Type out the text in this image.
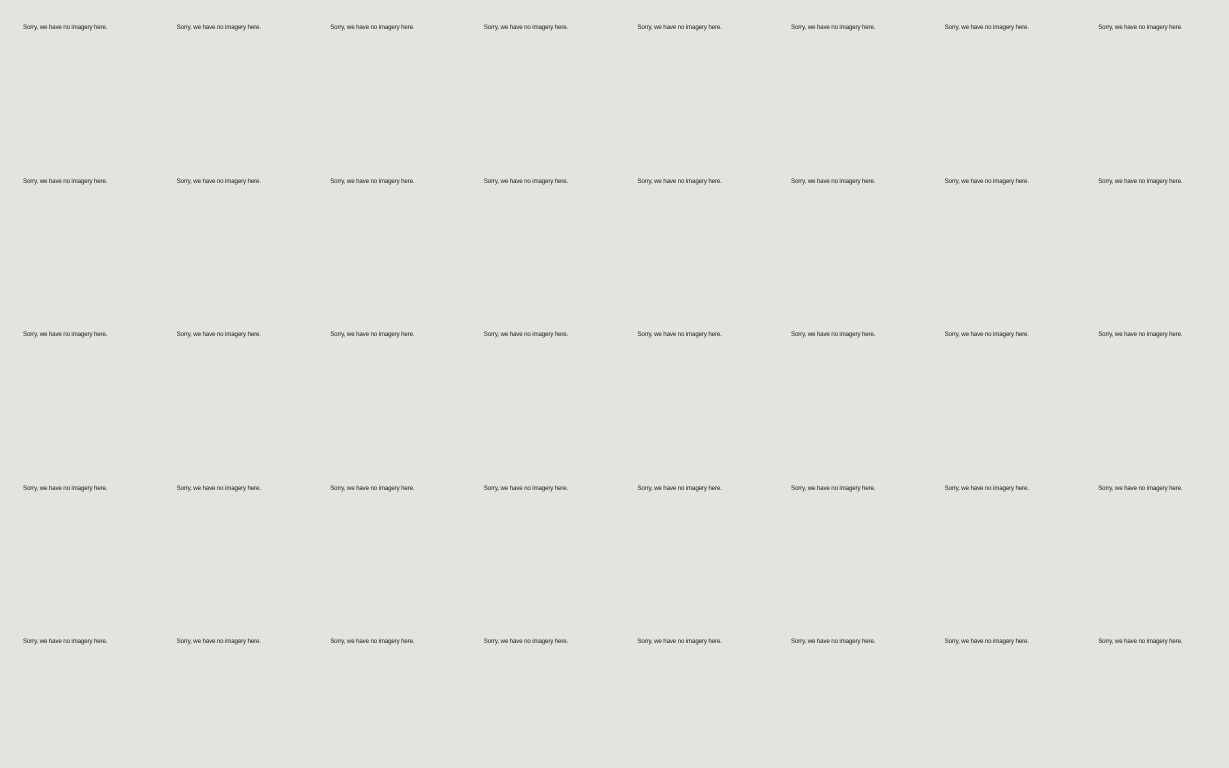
Sorry, we have no imagery here.	Sorry, we have no imagery here.	Sorry, we have no imagery here.	Sorry, we have no imagery here.	Sorry, we have no imagery here.	Sorry, we have no imagery here.	Sorry, we have no imagery here.	Sorry, we have no imagery here.
Sorry, we have no imagery here.	Sorry, we have no imagery here.	Sorry, we have no imagery here.	Sorry, we have no imagery here.	Sorry, we have no imagery here.	Sorry, we have no imagery here.	Sorry, we have no imagery here.	Sorry, we have no imagery here.
Sorry, we have no imagery here.	Sorry, we have no imagery here.	Sorry, we have no imagery here.	Sorry, we have no imagery here.	Sorry, we have no imagery here.	Sorry, we have no imagery here.	Sorry, we have no imagery here.	Sorry, we have no imagery here.
Sorry, we have no imagery here.	Sorry, we have no imagery here.	Sorry, we have no imagery here.	Sorry, we have no imagery here.	Sorry, we have no imagery here.	Sorry, we have no imagery here.	Sorry, we have no imagery here.	Sorry, we have no imagery here.
Sorry, we have no imagery here.	Sorry, we have no imagery here.	Sorry, we have no imagery here.	Sorry, we have no imagery here.	Sorry, we have no imagery here.	Sorry, we have no imagery here.	Sorry, we have no imagery here.	Sorry, we have no imagery here.
